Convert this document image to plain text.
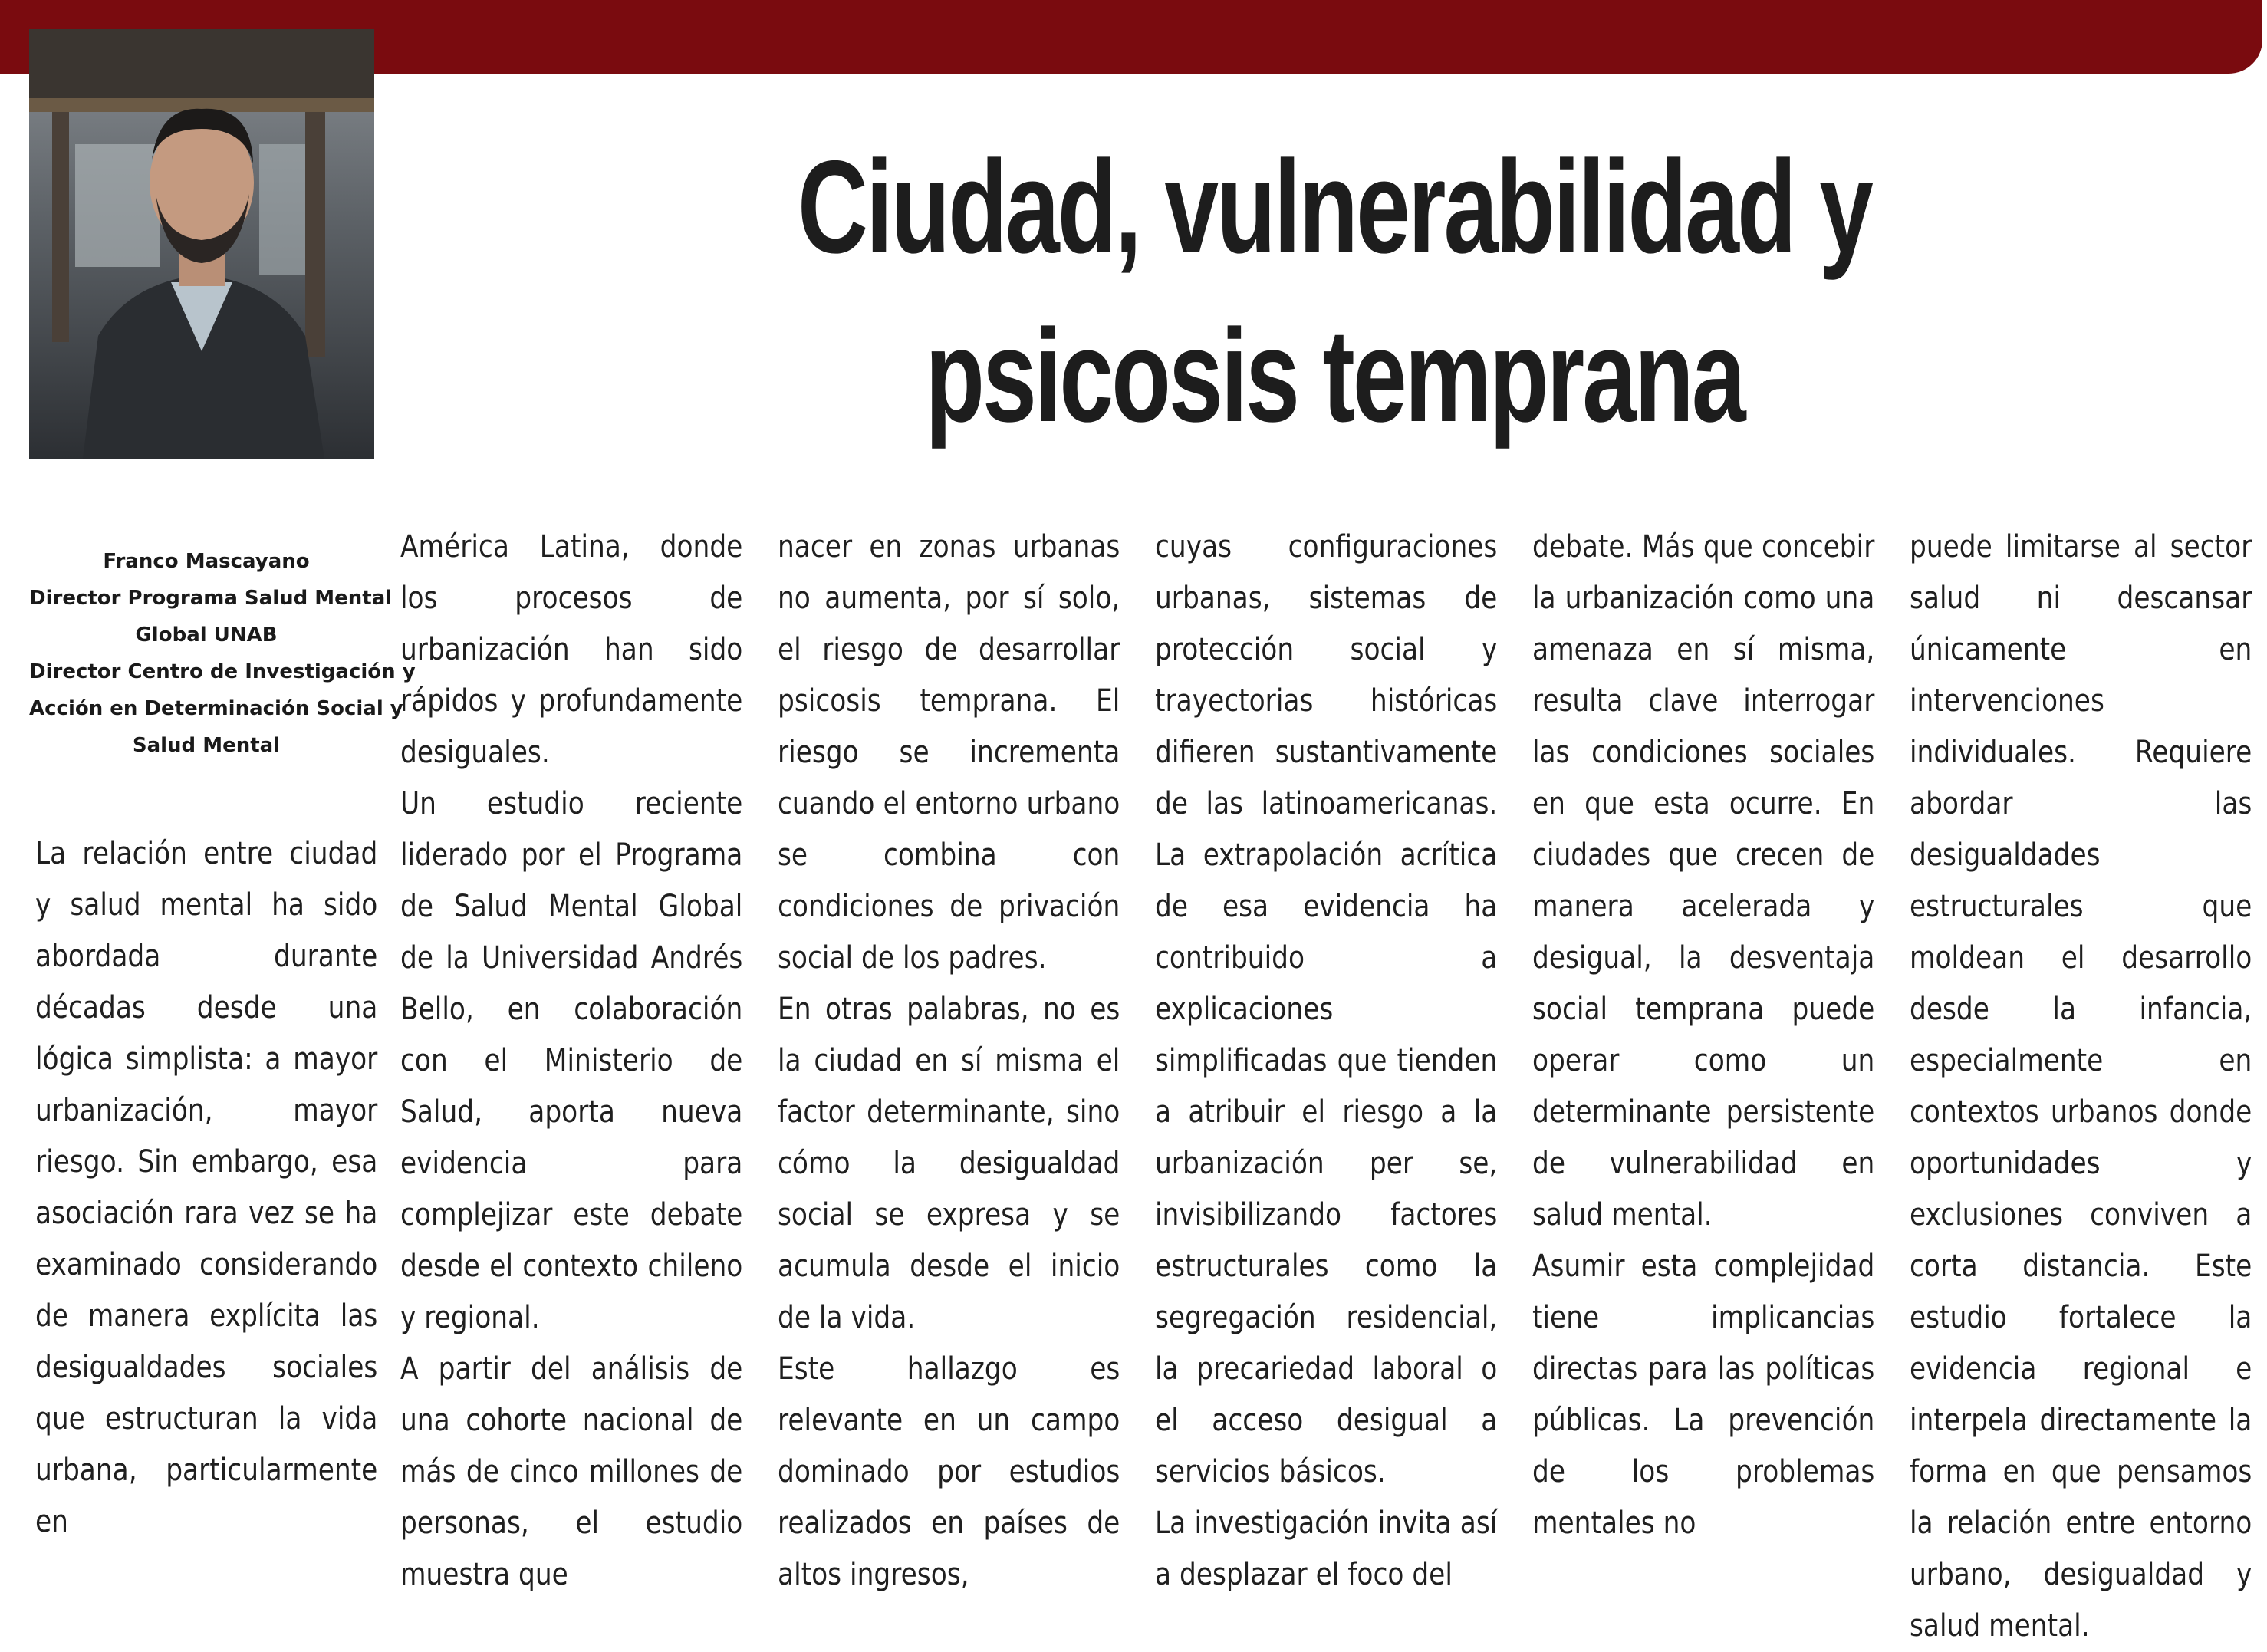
Ciudad, vulnerabilidad y
psicosis temprana
Franco Mascayano
Director Programa Salud Mental
Global UNAB
Director Centro de Investigación y
Acción en Determinación Social y
Salud Mental

La relación entre ciudad y salud mental ha sido abordada durante décadas desde una lógica simplista: a mayor urbanización, mayor riesgo. Sin embargo, esa asociación rara vez se ha examinado considerando de manera explícita las desigualdades sociales que estructuran la vida urbana, particularmente en

América Latina, donde los procesos de urbanización han sido rápidos y profundamente desiguales.

Un estudio reciente liderado por el Programa de Salud Mental Global de la Universidad Andrés Bello, en colaboración con el Ministerio de Salud, aporta nueva evidencia para complejizar este debate desde el contexto chileno y regional.

A partir del análisis de una cohorte nacional de más de cinco millones de personas, el estudio muestra que

nacer en zonas urbanas no aumenta, por sí solo, el riesgo de desarrollar psicosis temprana. El riesgo se incrementa cuando el entorno urbano se combina con condiciones de privación social de los padres.

En otras palabras, no es la ciudad en sí misma el factor determinante, sino cómo la desigualdad social se expresa y se acumula desde el inicio de la vida.

Este hallazgo es relevante en un campo dominado por estudios realizados en países de altos ingresos,

cuyas configuraciones urbanas, sistemas de protección social y trayectorias históricas difieren sustantivamente de las latinoamericanas. La extrapolación acrítica de esa evidencia ha contribuido a explicaciones simplificadas que tienden a atribuir el riesgo a la urbanización per se, invisibilizando factores estructurales como la segregación residencial, la precariedad laboral o el acceso desigual a servicios básicos.

La investigación invita así a desplazar el foco del

debate. Más que concebir la urbanización como una amenaza en sí misma, resulta clave interrogar las condiciones sociales en que esta ocurre. En ciudades que crecen de manera acelerada y desigual, la desventaja social temprana puede operar como un determinante persistente de vulnerabilidad en salud mental.

Asumir esta complejidad tiene implicancias directas para las políticas públicas. La prevención de los problemas mentales no

puede limitarse al sector salud ni descansar únicamente en intervenciones individuales. Requiere abordar las desigualdades estructurales que moldean el desarrollo desde la infancia, especialmente en contextos urbanos donde oportunidades y exclusiones conviven a corta distancia. Este estudio fortalece la evidencia regional e interpela directamente la forma en que pensamos la relación entre entorno urbano, desigualdad y salud mental.
